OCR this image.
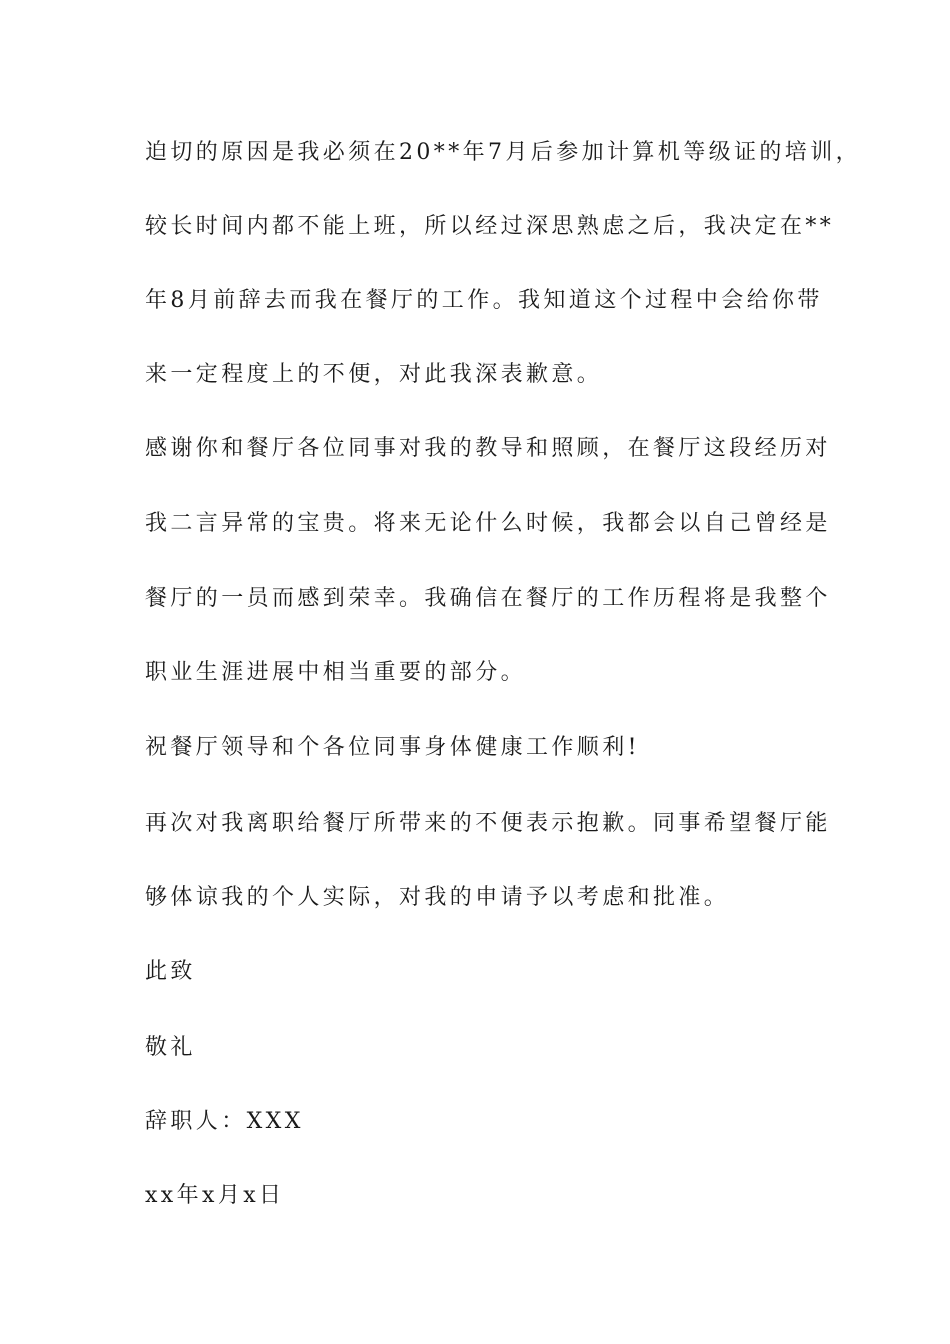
迫切的原因是我必须在20**年7月后参加计算机等级证的培训，
较长时间内都不能上班，所以经过深思熟虑之后，我决定在**
年8月前辞去而我在餐厅的工作。我知道这个过程中会给你带
来一定程度上的不便，对此我深表歉意。
感谢你和餐厅各位同事对我的教导和照顾，在餐厅这段经历对
我二言异常的宝贵。将来无论什么时候，我都会以自己曾经是
餐厅的一员而感到荣幸。我确信在餐厅的工作历程将是我整个
职业生涯进展中相当重要的部分。
祝餐厅领导和个各位同事身体健康工作顺利!
再次对我离职给餐厅所带来的不便表示抱歉。同事希望餐厅能
够体谅我的个人实际，对我的申请予以考虑和批准。
此致
敬礼
辞职人：XXX
xx年x月x日
